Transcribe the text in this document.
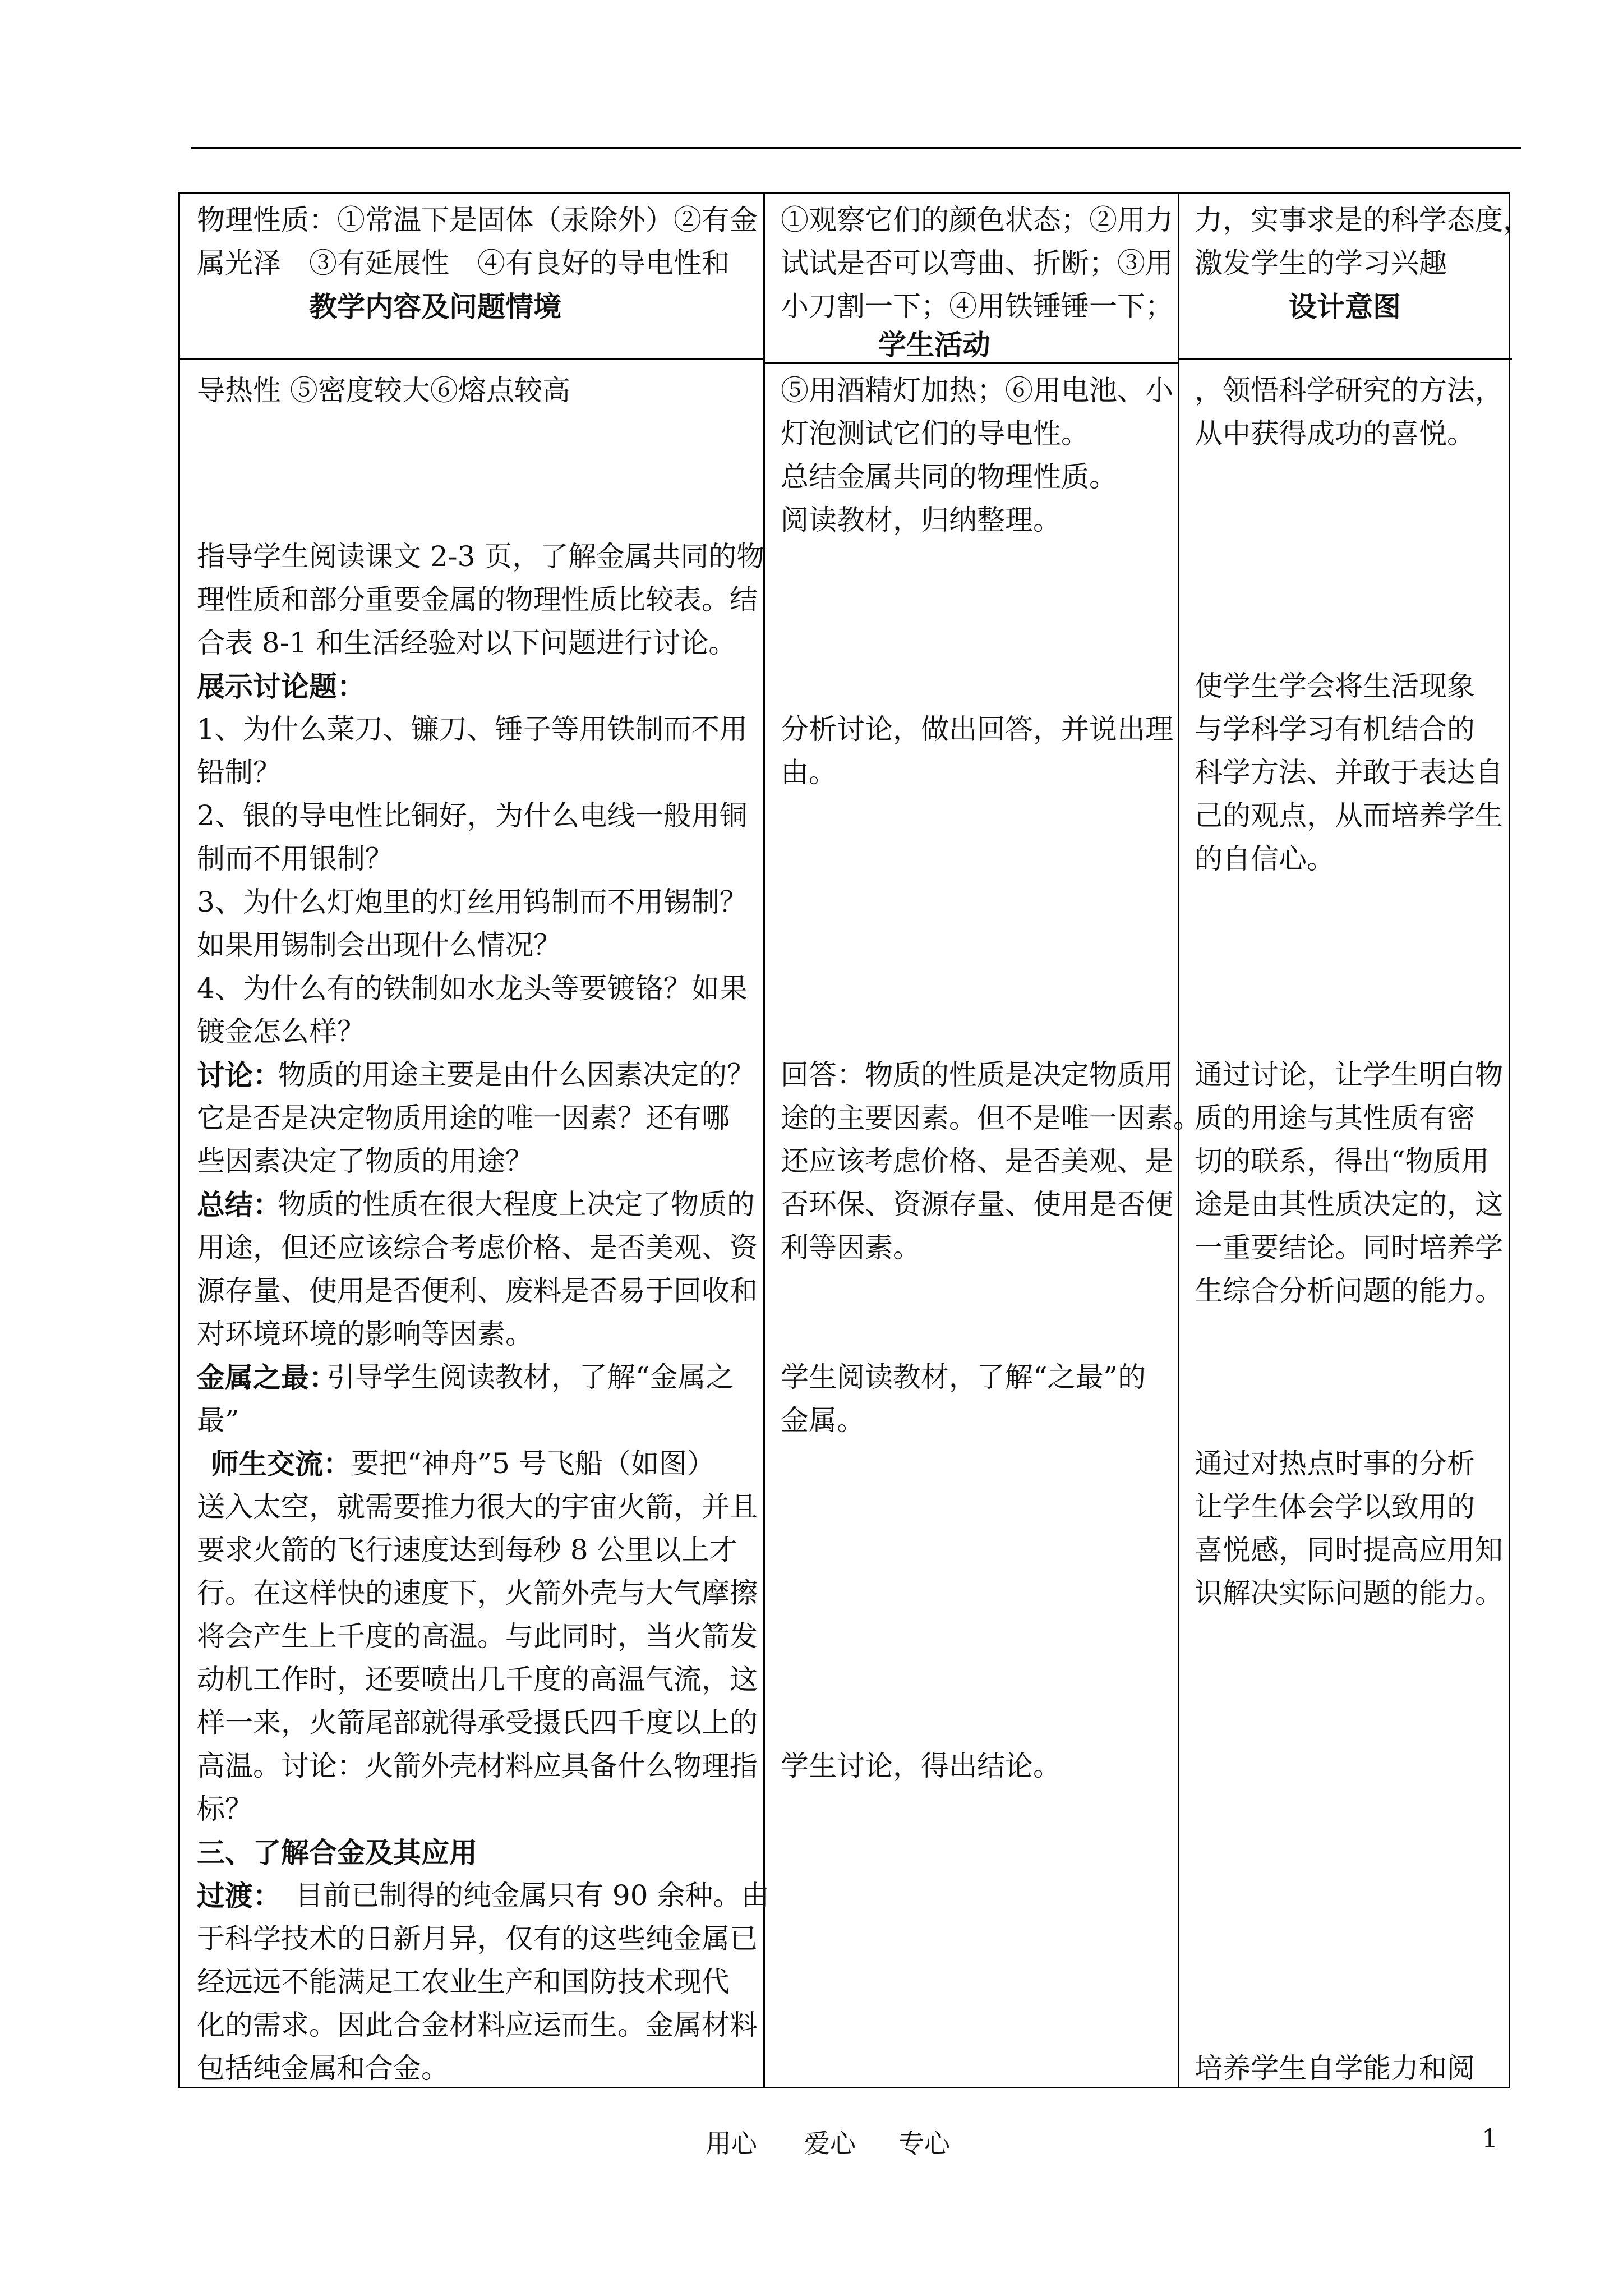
物理性质：①常温下是固体（汞除外）②有金
属光泽　③有延展性　④有良好的导电性和
教学内容及问题情境
①观察它们的颜色状态；②用力
试试是否可以弯曲、折断；③用
小刀割一下；④用铁锤锤一下；
学生活动
力，实事求是的科学态度，
激发学生的学习兴趣
设计意图
导热性 ⑤密度较大⑥熔点较高
指导学生阅读课文 2-3 页，了解金属共同的物
理性质和部分重要金属的物理性质比较表。结
合表 8-1 和生活经验对以下问题进行讨论。
展示讨论题：
1、为什么菜刀、镰刀、锤子等用铁制而不用
铅制？
2、银的导电性比铜好，为什么电线一般用铜
制而不用银制？
3、为什么灯炮里的灯丝用钨制而不用锡制？
如果用锡制会出现什么情况？
4、为什么有的铁制如水龙头等要镀铬？如果
镀金怎么样？
讨论：
物质的用途主要是由什么因素决定的？
它是否是决定物质用途的唯一因素？还有哪
些因素决定了物质的用途？
总结：
物质的性质在很大程度上决定了物质的
用途，但还应该综合考虑价格、是否美观、资
源存量、使用是否便利、废料是否易于回收和
对环境环境的影响等因素。
金属之最：
引导学生阅读教材，了解“金属之
最”
师生交流： 要把“神舟”5 号飞船（如图）
送入太空，就需要推力很大的宇宙火箭，并且
要求火箭的飞行速度达到每秒 8 公里以上才
行。在这样快的速度下，火箭外壳与大气摩擦
将会产生上千度的高温。与此同时，当火箭发
动机工作时，还要喷出几千度的高温气流，这
样一来，火箭尾部就得承受摄氏四千度以上的
高温。讨论：火箭外壳材料应具备什么物理指
标？
三、了解合金及其应用
过渡： 目前已制得的纯金属只有 90 余种。由
于科学技术的日新月异，仅有的这些纯金属已
经远远不能满足工农业生产和国防技术现代
化的需求。因此合金材料应运而生。金属材料
包括纯金属和合金。
⑤用酒精灯加热；⑥用电池、小
灯泡测试它们的导电性。
总结金属共同的物理性质。
阅读教材，归纳整理。
分析讨论，做出回答，并说出理
由。
回答：物质的性质是决定物质用
途的主要因素。但不是唯一因素。
还应该考虑价格、是否美观、是
否环保、资源存量、使用是否便
利等因素。
学生阅读教材，了解“之最”的
金属。
学生讨论，得出结论。
，领悟科学研究的方法，
从中获得成功的喜悦。
使学生学会将生活现象
与学科学习有机结合的
科学方法、并敢于表达自
己的观点，从而培养学生
的自信心。
通过讨论，让学生明白物
质的用途与其性质有密
切的联系，得出“物质用
途是由其性质决定的，这
一重要结论。同时培养学
生综合分析问题的能力。
通过对热点时事的分析
让学生体会学以致用的
喜悦感，同时提高应用知
识解决实际问题的能力。
培养学生自学能力和阅
用心 爱心 专心	1
